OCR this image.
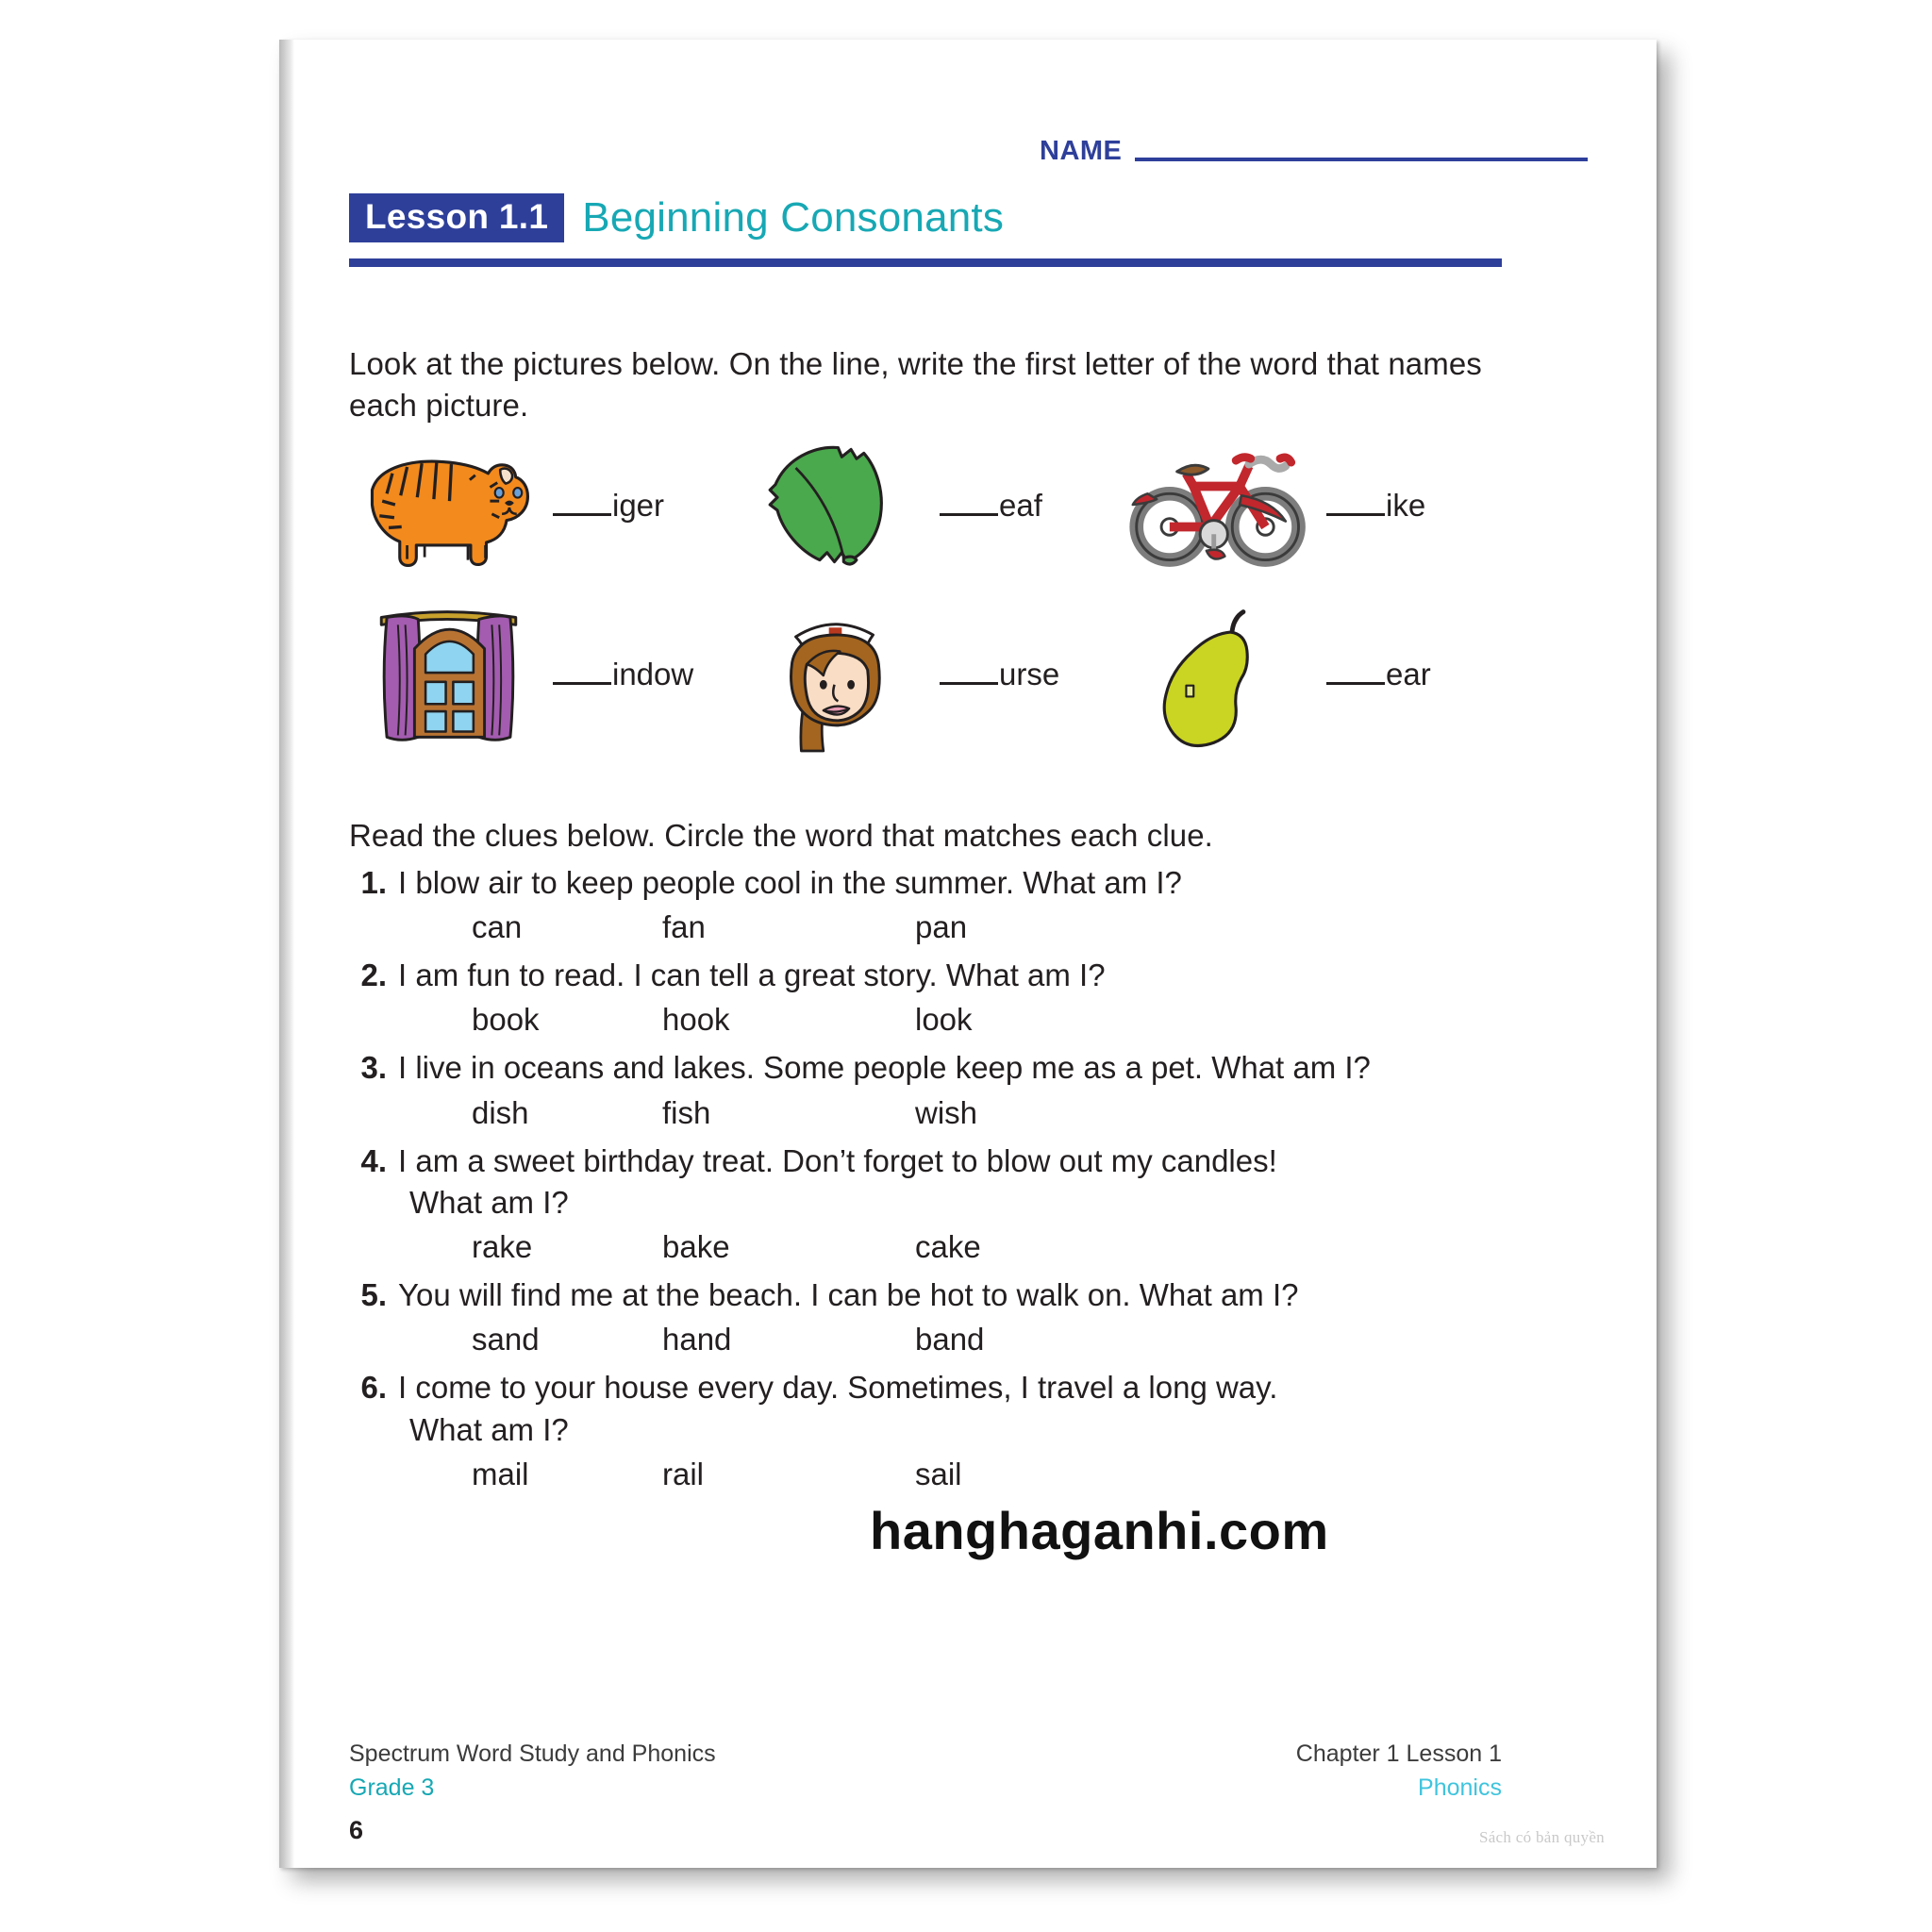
NAME
Lesson 1.1 Beginning Consonants
Look at the pictures below. On the line, write the first letter of the word that names each picture.
iger	eaf	ike
indow	urse	ear
Read the clues below. Circle the word that matches each clue.
1. I blow air to keep people cool in the summer. What am I?
can	fan	pan
2. I am fun to read. I can tell a great story. What am I?
book	hook	look
3. I live in oceans and lakes. Some people keep me as a pet. What am I?
dish	fish	wish
4. I am a sweet birthday treat. Don’t forget to blow out my candles!
What am I?
rake	bake	cake
5. You will find me at the beach. I can be hot to walk on. What am I?
sand	hand	band
6. I come to your house every day. Sometimes, I travel a long way.
What am I?
mail	rail	sail
hanghaganhi.com
Spectrum Word Study and Phonics
Grade 3
6
Chapter 1 Lesson 1
Phonics
Sách có bản quyền
